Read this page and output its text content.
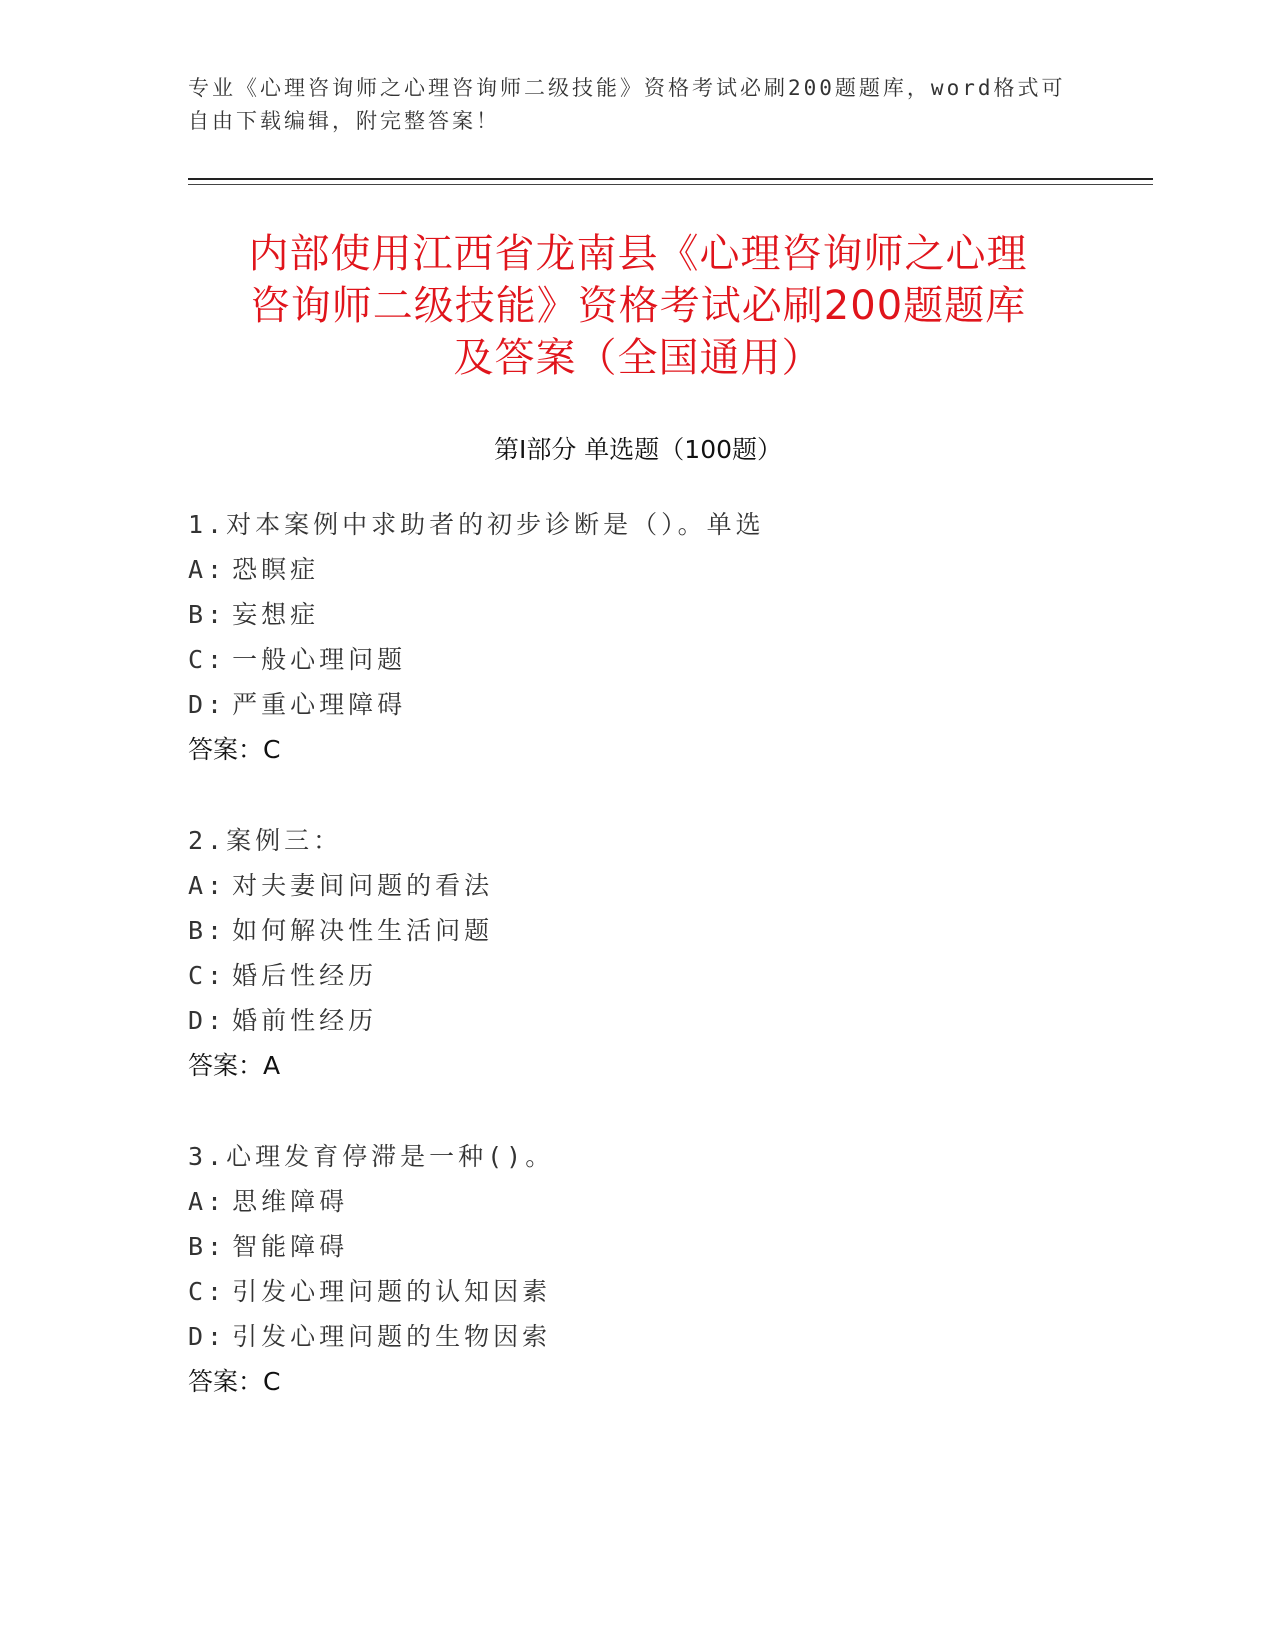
专业《心理咨询师之心理咨询师二级技能》资格考试必刷200题题库，word格式可自由下载编辑，附完整答案！
内部使用江西省龙南县《心理咨询师之心理
咨询师二级技能》资格考试必刷200题题库
及答案（全国通用）
第Ⅰ部分 单选题（100题）
1.对本案例中求助者的初步诊断是（）。单选
A: 恐瞑症
B: 妄想症
C: 一般心理问题
D: 严重心理障碍
答案：C
2.案例三：
A: 对夫妻间问题的看法
B: 如何解决性生活问题
C: 婚后性经历
D: 婚前性经历
答案：A
3.心理发育停滞是一种()。
A: 思维障碍
B: 智能障碍
C: 引发心理问题的认知因素
D: 引发心理问题的生物因索
答案：C
